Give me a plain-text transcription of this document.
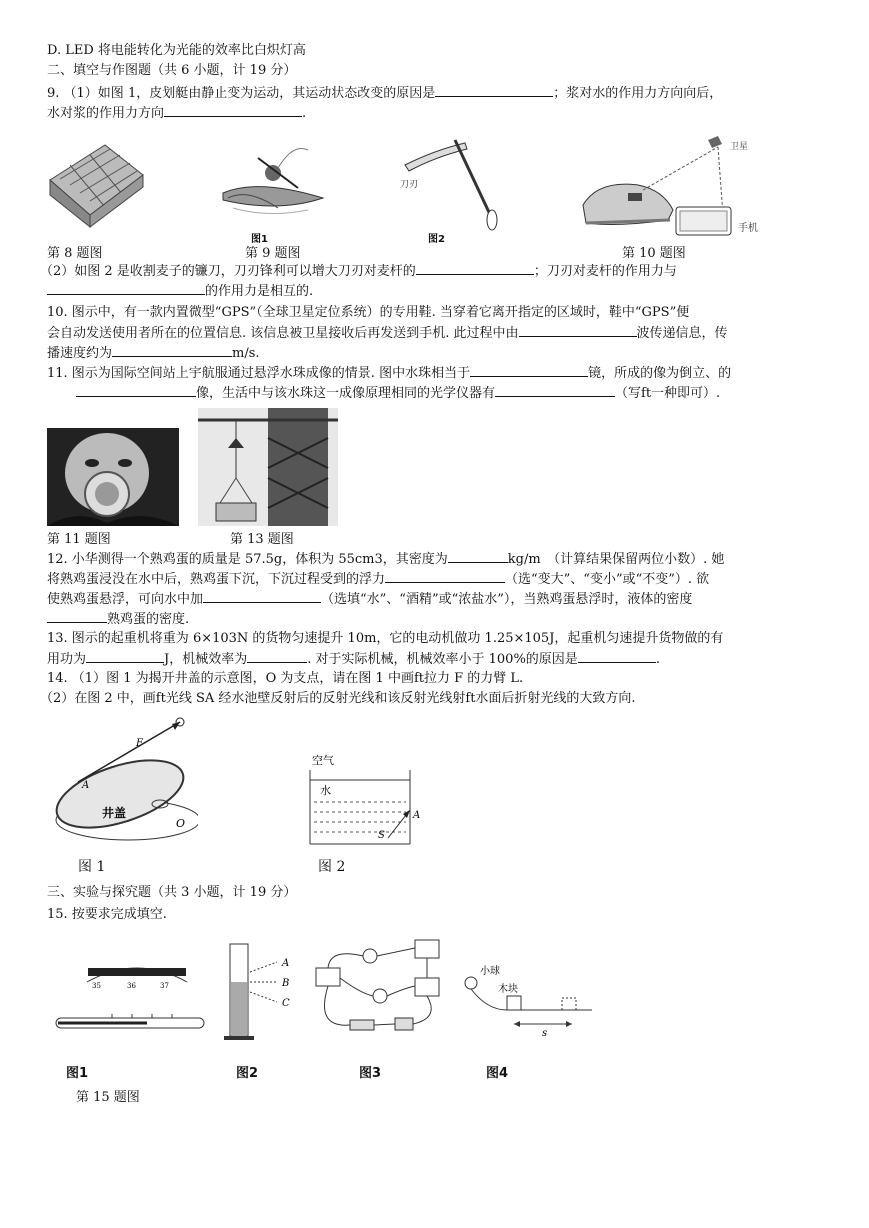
D. LED 将电能转化为光能的效率比白炽灯高
二、填空与作图题（共 6 小题，计 19 分）
9. （1）如图 1，皮划艇由静止变为运动，其运动状态改变的原因是	；浆对水的作用力方向向后，
水对浆的作用力方向	.
图1
刀刃
图2
卫星
手机
第 8 题图	第 9 题图	第 10 题图
（2）如图 2 是收割麦子的镰刀，刀刃锋利可以增大刀刃对麦杆的	；刀刃对麦杆的作用力与
的作用力是相互的.
10. 图示中，有一款内置微型“GPS”（全球卫星定位系统）的专用鞋. 当穿着它离开指定的区域时，鞋中“GPS”便
会自动发送使用者所在的位置信息. 该信息被卫星接收后再发送到手机. 此过程中由	波传递信息，传
播速度约为	m/s.
11. 图示为国际空间站上宇航服通过悬浮水珠成像的情景. 图中水珠相当于	镜，所成的像为倒立、的
像，生活中与该水珠这一成像原理相同的光学仪器有	（写ft一种即可）.
第 11 题图	第 13 题图
12. 小华测得一个熟鸡蛋的质量是 57.5g，体积为 55cm3，其密度为	kg/m　（计算结果保留两位小数）. 她
将熟鸡蛋浸没在水中后，熟鸡蛋下沉，下沉过程受到的浮力	（选“变大”、“变小”或“不变”）. 欲
使熟鸡蛋悬浮，可向水中加	（选填“水”、“酒精”或“浓盐水”），当熟鸡蛋悬浮时，液体的密度
熟鸡蛋的密度.
13. 图示的起重机将重为 6×103N 的货物匀速提升 10m，它的电动机做功 1.25×105J，起重机匀速提升货物做的有
用功为	J，机械效率为	. 对于实际机械，机械效率小于 100%的原因是	.
14. （1）图 1 为揭开井盖的示意图，O 为支点，请在图 1 中画ft拉力 F 的力臂 L.
（2）在图 2 中，画ft光线 SA 经水池壁反射后的反射光线和该反射光线射ft水面后折射光线的大致方向.
F
A
井盖
O
空气
水
S
A
图 1	图 2
三、实验与探究题（共 3 小题，计 19 分）
15. 按要求完成填空.
35	36	37
A
B
C
小球
木块
s
图1	图2	图3	图4
第 15 题图
